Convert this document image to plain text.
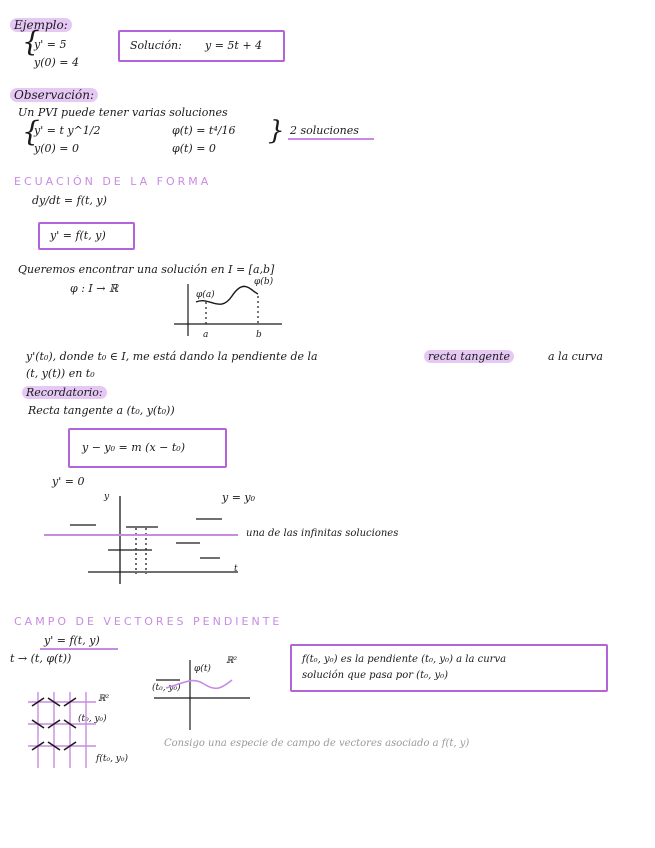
Ejemplo:
{
y' = 5
y(0) = 4
Solución: y = 5t + 4
Observación:
Un PVI puede tener varias soluciones
{
y' = t y^1/2
y(0) = 0
φ(t) = t⁴/16
φ(t) = 0
} 2 soluciones
ECUACIÓN DE LA FORMA
dy/dt = f(t, y)
y' = f(t, y)
Queremos encontrar una solución en I = [a,b]
φ : I → ℝ	φ(a)
φ(b)
a	b
y'(t₀), donde t₀ ∈ I, me está dando la pendiente de la	recta tangente	a la curva
(t, y(t)) en t₀
Recordatorio:
Recta tangente a (t₀, y(t₀))
y − y₀ = m (x − t₀)
y' = 0
y
t
y = y₀
una de las infinitas soluciones
CAMPO DE VECTORES PENDIENTE
y' = f(t, y)
t → (t, φ(t))	ℝ²
φ(t)
(t₀, y₀)
ℝ²
(t₀, y₀)
f(t₀, y₀)
f(t₀, y₀) es la pendiente (t₀, y₀) a la curva
solución que pasa por (t₀, y₀)
Consigo una especie de campo de vectores asociado a f(t, y)
